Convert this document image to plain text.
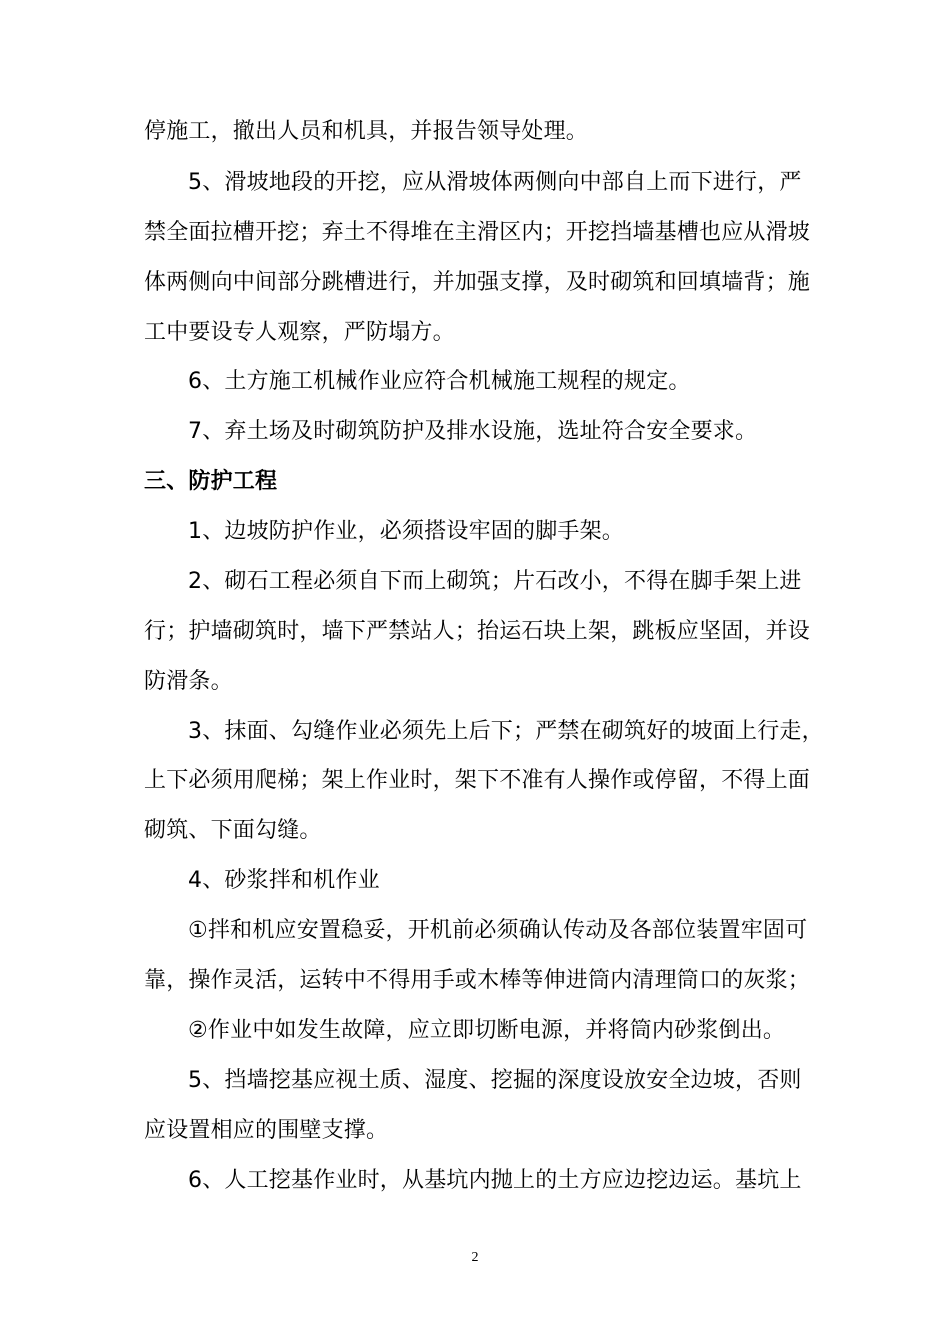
停施工，撤出人员和机具，并报告领导处理。
5、滑坡地段的开挖，应从滑坡体两侧向中部自上而下进行，严
禁全面拉槽开挖；弃土不得堆在主滑区内；开挖挡墙基槽也应从滑坡
体两侧向中间部分跳槽进行，并加强支撑，及时砌筑和回填墙背；施
工中要设专人观察，严防塌方。
6、土方施工机械作业应符合机械施工规程的规定。
7、弃土场及时砌筑防护及排水设施，选址符合安全要求。
三、防护工程
1、边坡防护作业，必须搭设牢固的脚手架。
2、砌石工程必须自下而上砌筑；片石改小，不得在脚手架上进
行；护墙砌筑时，墙下严禁站人；抬运石块上架，跳板应坚固，并设
防滑条。
3、抹面、勾缝作业必须先上后下；严禁在砌筑好的坡面上行走，
上下必须用爬梯；架上作业时，架下不准有人操作或停留，不得上面
砌筑、下面勾缝。
4、砂浆拌和机作业
①拌和机应安置稳妥，开机前必须确认传动及各部位装置牢固可
靠，操作灵活，运转中不得用手或木棒等伸进筒内清理筒口的灰浆；
②作业中如发生故障，应立即切断电源，并将筒内砂浆倒出。
5、挡墙挖基应视土质、湿度、挖掘的深度设放安全边坡，否则
应设置相应的围壁支撑。
6、人工挖基作业时，从基坑内抛上的土方应边挖边运。基坑上
2
